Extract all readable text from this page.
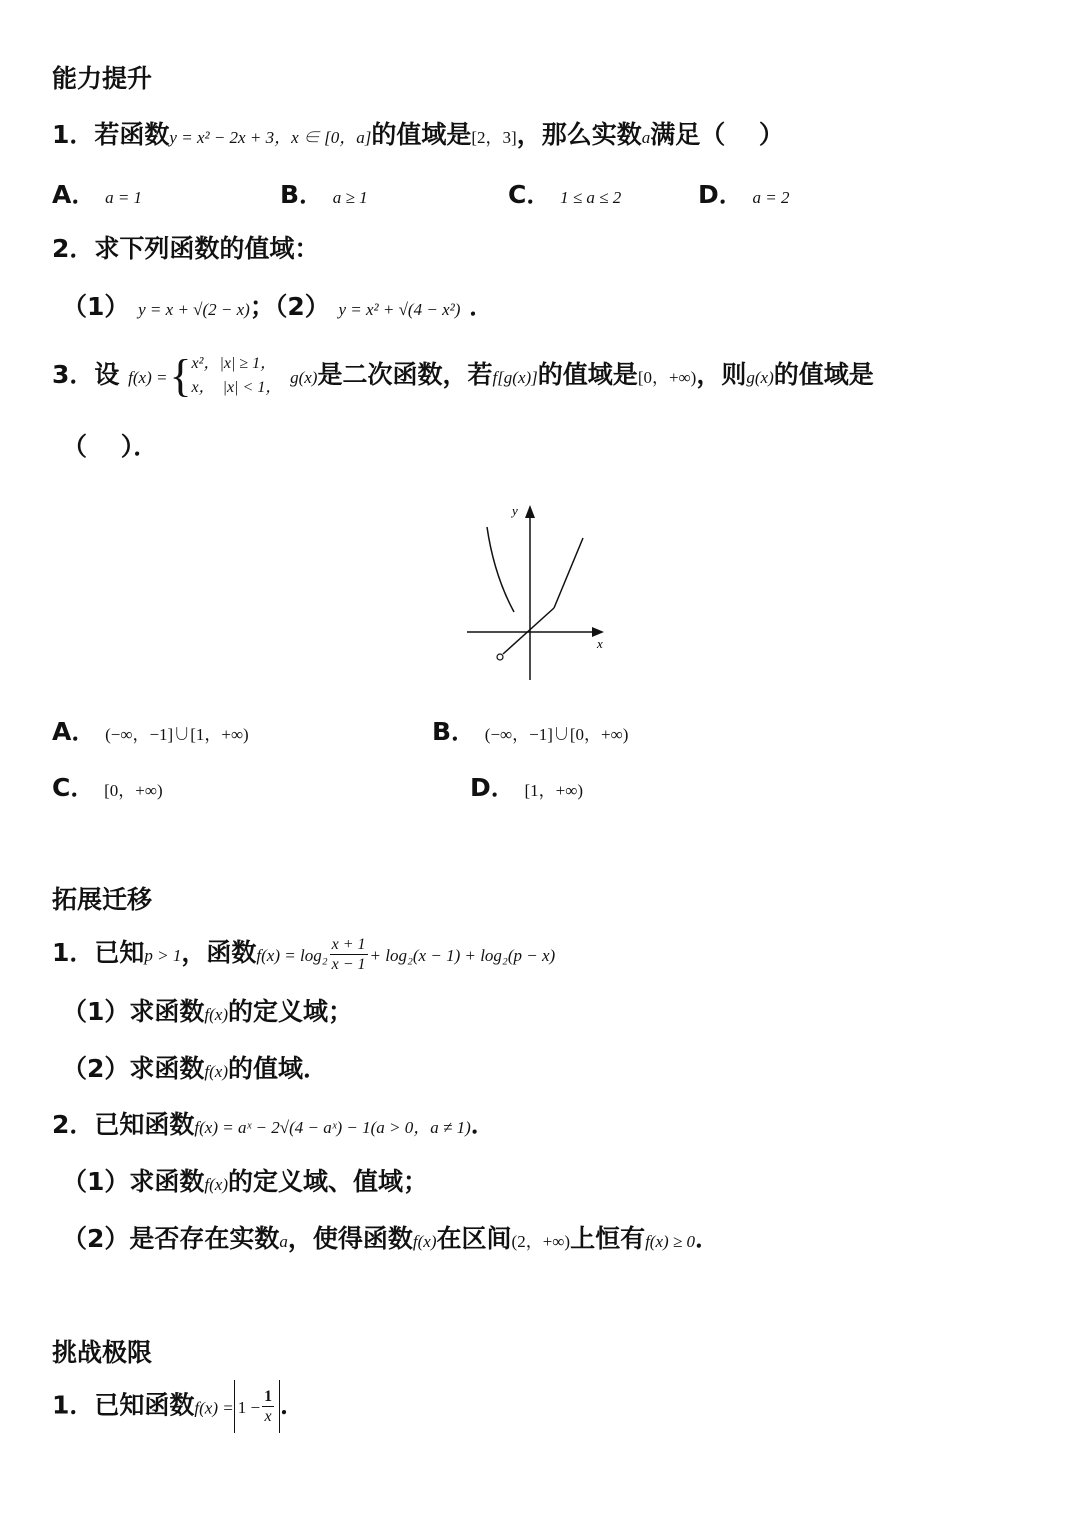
能力提升
1．若函数y = x² − 2x + 3，x ∈ [0，a]的值域是[2，3]，那么实数a满足（　 ）
A． a = 1	B． a ≥ 1	C． 1 ≤ a ≤ 2	D． a = 2
2．求下列函数的值域：
（1） y = x + √(2 − x)；（2） y = x² + √(4 − x²) ．
3．设 f(x) ={ x²，|x| ≥ 1，
x，　|x| < 1，
g(x)是二次函数，若f[g(x)]的值域是[0，+∞)，则g(x)的值域是
（　 ）．
y
x
A． (−∞，−1]∪[1，+∞)	B． (−∞，−1]∪[0，+∞)
C． [0，+∞)	D． [1，+∞)
拓展迁移
1．已知p > 1，函数$f(x) = \log_2 \frac{x + 1}{x - 1} + \log_2(x - 1) + \log_2(p - x)$
（1）求函数f(x)的定义域；
（2）求函数f(x)的值域．
2．已知函数f(x) = aˣ − 2√(4 − aˣ) − 1(a > 0，a ≠ 1)．
（1）求函数f(x)的定义域、值域；
（2）是否存在实数a，使得函数f(x)在区间(2，+∞)上恒有f(x) ≥ 0．
挑战极限
1．已知函数$f(x) = 1 - \frac{1}{x}$ ．
